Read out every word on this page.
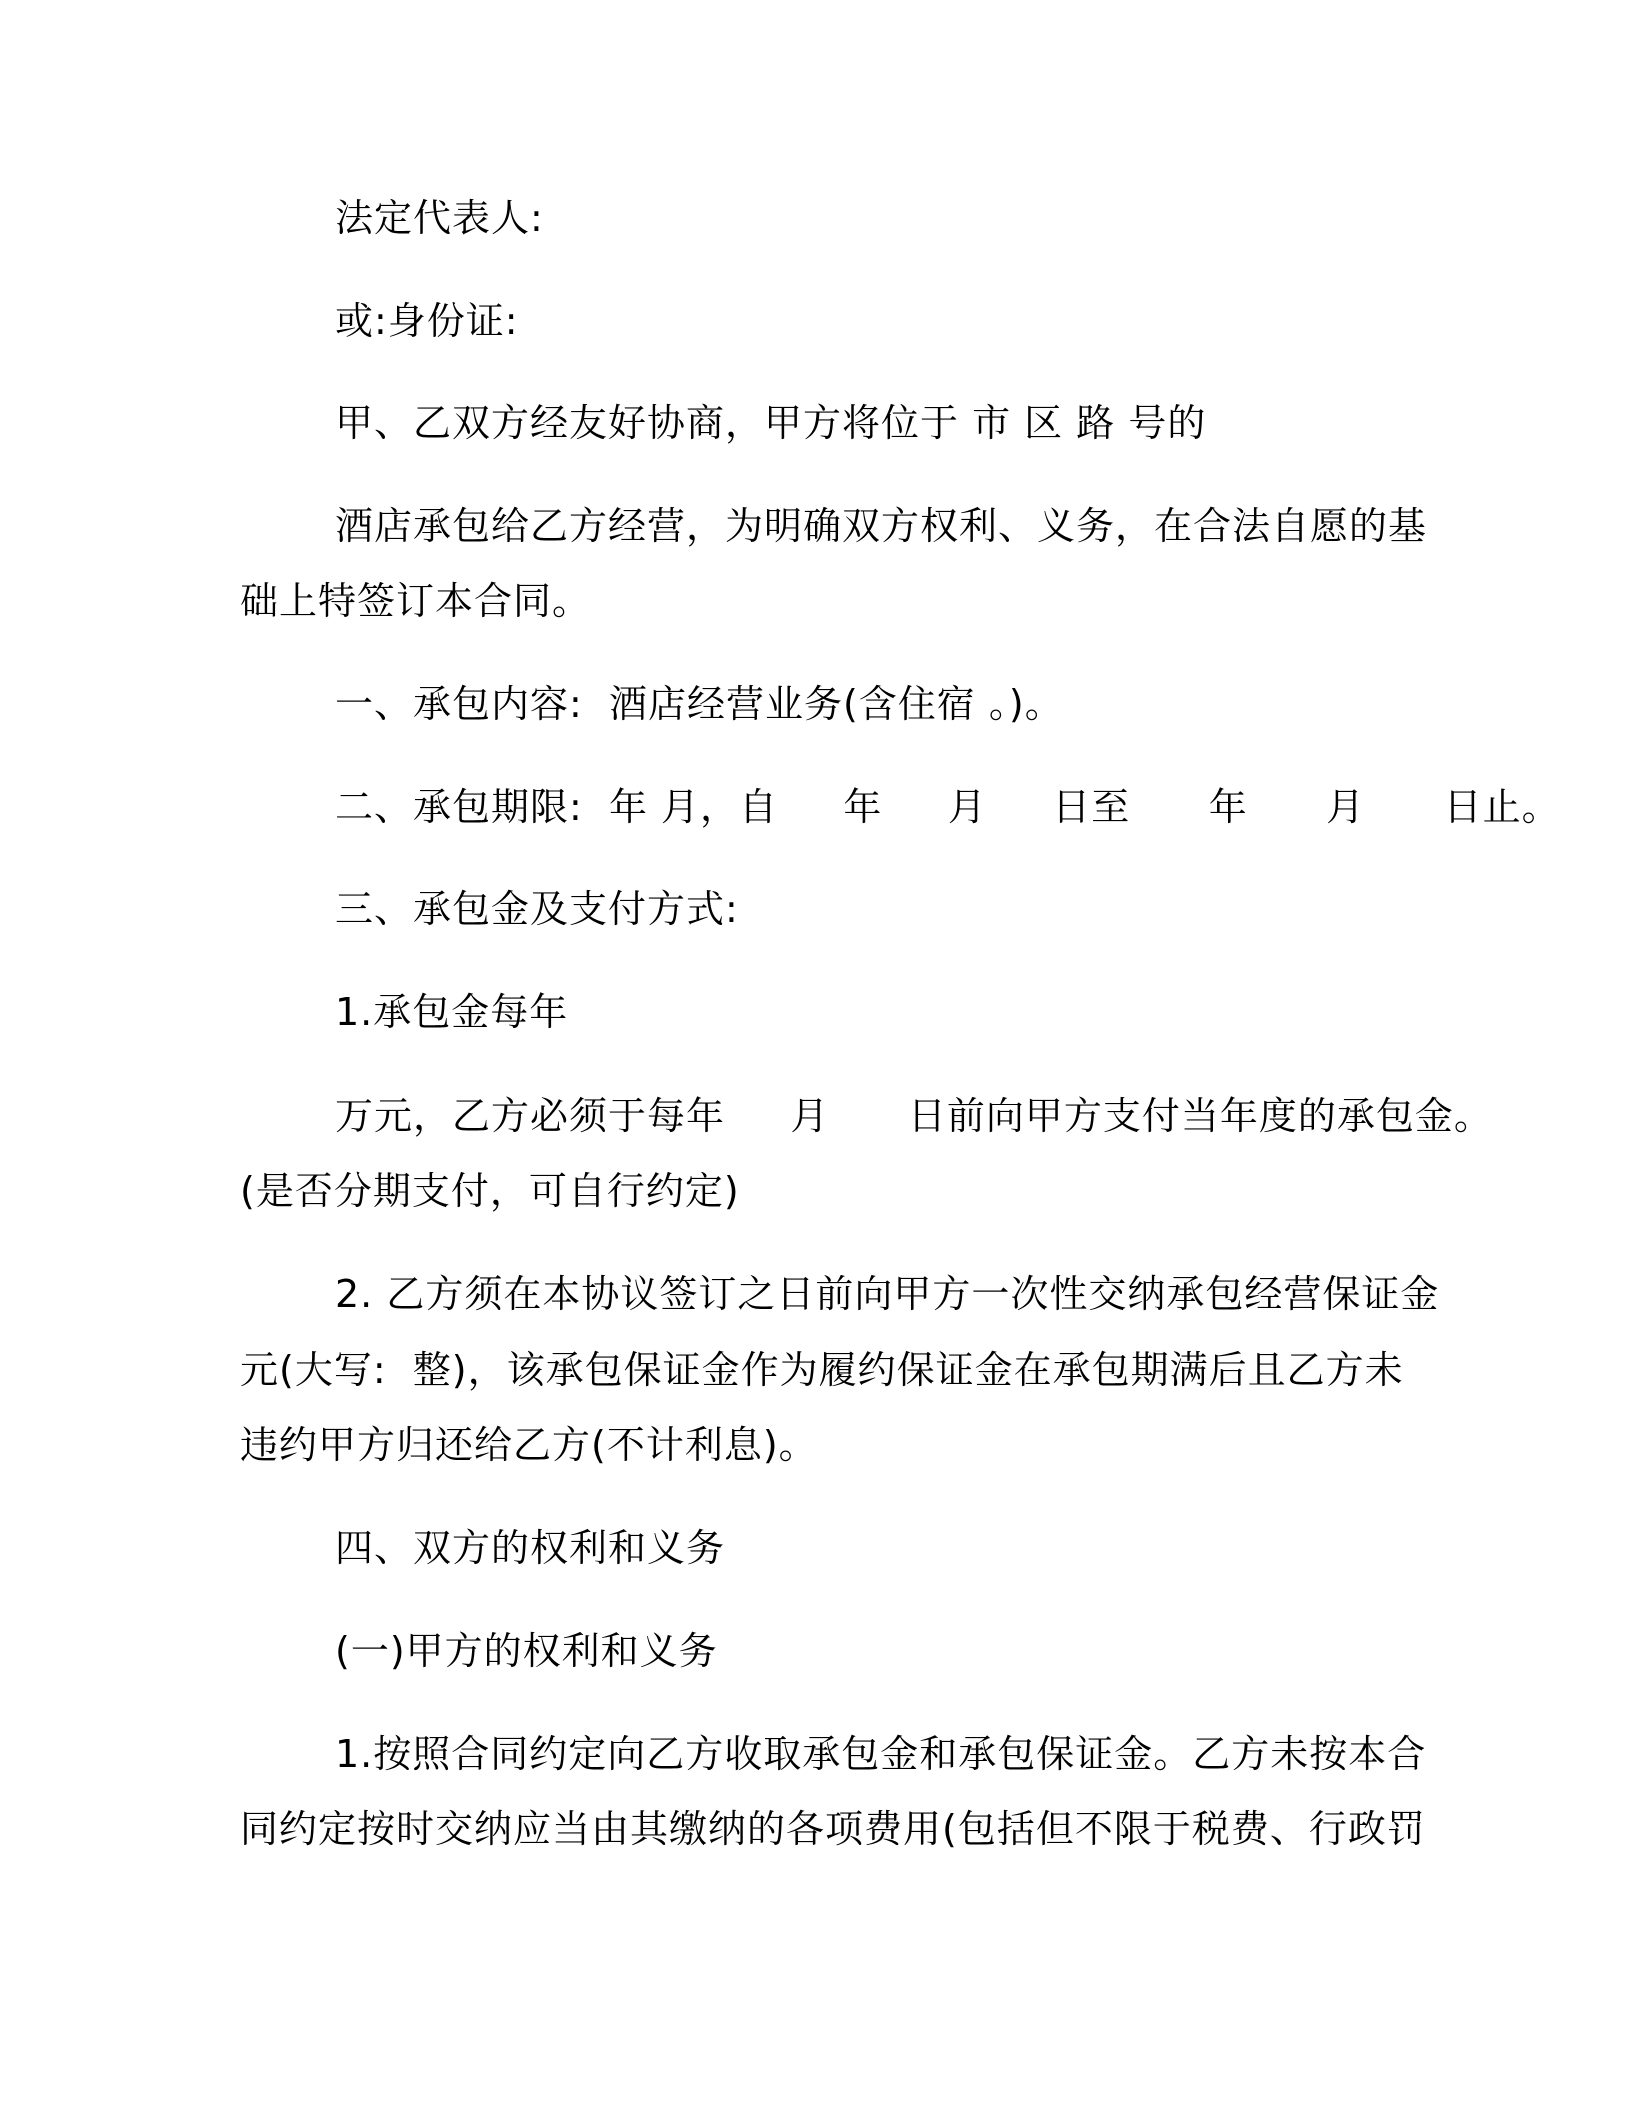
法定代表人:
或:身份证:
甲、乙双方经友好协商，甲方将位于 市 区 路 号的
酒店承包给乙方经营，为明确双方权利、义务，在合法自愿的基
础上特签订本合同。
一、承包内容:  酒店经营业务(含住宿 。)。
二、承包期限:  年 月，自     年     月     日至      年      月      日止。
三、承包金及支付方式:
1.承包金每年
万元，乙方必须于每年     月      日前向甲方支付当年度的承包金。
(是否分期支付，可自行约定)
2. 乙方须在本协议签订之日前向甲方一次性交纳承包经营保证金
元(大写:  整)，该承包保证金作为履约保证金在承包期满后且乙方未
违约甲方归还给乙方(不计利息)。
四、双方的权利和义务
(一)甲方的权利和义务
1.按照合同约定向乙方收取承包金和承包保证金。乙方未按本合
同约定按时交纳应当由其缴纳的各项费用(包括但不限于税费、行政罚
